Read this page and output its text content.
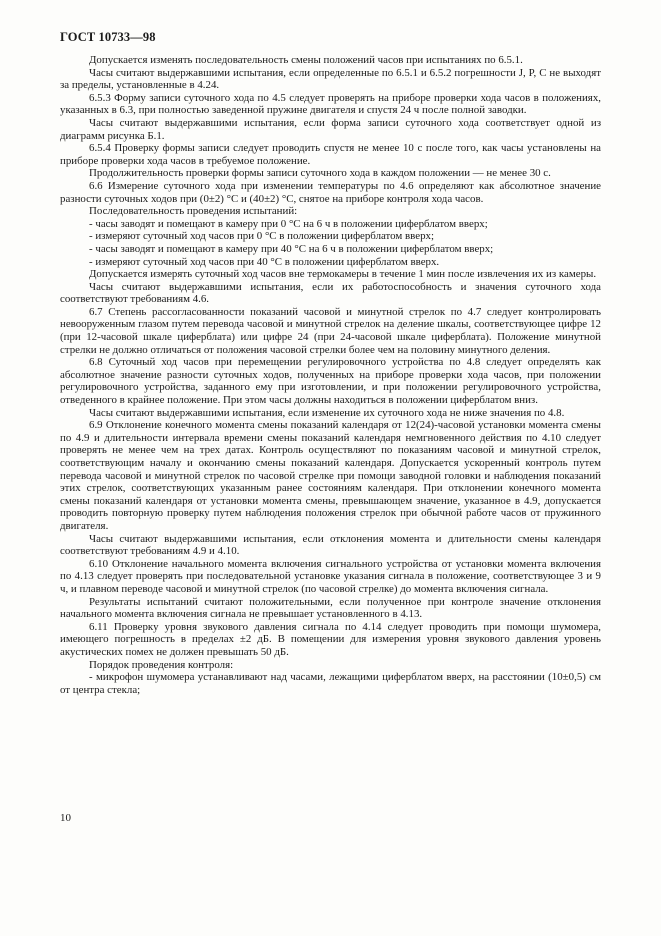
ГОСТ 10733—98

Допускается изменять последовательность смены положений часов при испытаниях по 6.5.1.

Часы считают выдержавшими испытания, если определенные по 6.5.1 и 6.5.2 погрешности J, P, C не выходят за пределы, установленные в 4.24.

6.5.3 Форму записи суточного хода по 4.5 следует проверять на приборе проверки хода часов в положениях, указанных в 6.3, при полностью заведенной пружине двигателя и спустя 24 ч после полной заводки.

Часы считают выдержавшими испытания, если форма записи суточного хода соответствует одной из диаграмм рисунка Б.1.

6.5.4 Проверку формы записи следует проводить спустя не менее 10 с после того, как часы установлены на приборе проверки хода часов в требуемое положение.

Продолжительность проверки формы записи суточного хода в каждом положении — не менее 30 с.

6.6 Измерение суточного хода при изменении температуры по 4.6 определяют как абсолютное значение разности суточных ходов при (0±2) °С и (40±2) °С, снятое на приборе контроля хода часов.

Последовательность проведения испытаний:

- часы заводят и помещают в камеру при 0 °С на 6 ч в положении циферблатом вверх;

- измеряют суточный ход часов при 0 °С в положении циферблатом вверх;

- часы заводят и помещают в камеру при 40 °С на 6 ч в положении циферблатом вверх;

- измеряют суточный ход часов при 40 °С в положении циферблатом вверх.

Допускается измерять суточный ход часов вне термокамеры в течение 1 мин после извлечения их из камеры.

Часы считают выдержавшими испытания, если их работоспособность и значения суточного хода соответствуют требованиям 4.6.

6.7 Степень рассогласованности показаний часовой и минутной стрелок по 4.7 следует контролировать невооруженным глазом путем перевода часовой и минутной стрелок на деление шкалы, соответствующее цифре 12 (при 12-часовой шкале циферблата) или цифре 24 (при 24-часовой шкале циферблата). Положение минутной стрелки не должно отличаться от положения часовой стрелки более чем на половину минутного деления.

6.8 Суточный ход часов при перемещении регулировочного устройства по 4.8 следует определять как абсолютное значение разности суточных ходов, полученных на приборе проверки хода часов, при положении регулировочного устройства, заданного ему при изготовлении, и при положении регулировочного устройства, отведенного в крайнее положение. При этом часы должны находиться в положении циферблатом вниз.

Часы считают выдержавшими испытания, если изменение их суточного хода не ниже значения по 4.8.

6.9 Отклонение конечного момента смены показаний календаря от 12(24)-часовой установки момента смены по 4.9 и длительности интервала времени смены показаний календаря немгновенного действия по 4.10 следует проверять не менее чем на трех датах. Контроль осуществляют по показаниям часовой и минутной стрелок, соответствующим началу и окончанию смены показаний календаря. Допускается ускоренный контроль путем перевода часовой и минутной стрелок по часовой стрелке при помощи заводной головки и наблюдения показаний этих стрелок, соответствующих указанным ранее состояниям календаря. При отклонении конечного момента смены показаний календаря от установки момента смены, превышающем значение, указанное в 4.9, допускается проводить повторную проверку путем наблюдения положения стрелок при обычной работе часов от пружинного двигателя.

Часы считают выдержавшими испытания, если отклонения момента и длительности смены календаря соответствуют требованиям 4.9 и 4.10.

6.10 Отклонение начального момента включения сигнального устройства от установки момента включения по 4.13 следует проверять при последовательной установке указания сигнала в положение, соответствующее 3 и 9 ч, и плавном переводе часовой и минутной стрелок (по часовой стрелке) до момента включения сигнала.

Результаты испытаний считают положительными, если полученное при контроле значение отклонения начального момента включения сигнала не превышает установленного в 4.13.

6.11 Проверку уровня звукового давления сигнала по 4.14 следует проводить при помощи шумомера, имеющего погрешность в пределах ±2 дБ. В помещении для измерения уровня звукового давления уровень акустических помех не должен превышать 50 дБ.

Порядок проведения контроля:

- микрофон шумомера устанавливают над часами, лежащими циферблатом вверх, на расстоянии (10±0,5) см от центра стекла;

10
